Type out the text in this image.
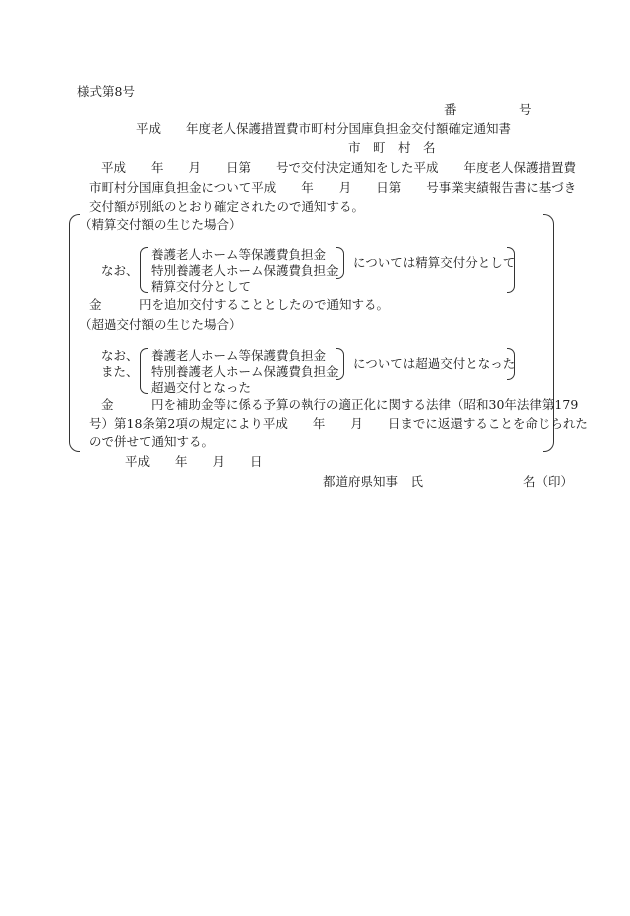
様式第8号
番　　　　　号
平成　　年度老人保護措置費市町村分国庫負担金交付額確定通知書
市　町　村　名
平成　　年　　月　　日第　　号で交付決定通知をした平成　　年度老人保護措置費
市町村分国庫負担金について平成　　年　　月　　日第　　号事業実績報告書に基づき
交付額が別紙のとおり確定されたので通知する。
（精算交付額の生じた場合）
なお、
養護老人ホーム等保護費負担金
特別養護老人ホーム保護費負担金
精算交付分として
については精算交付分として
金　　　円を追加交付することとしたので通知する。
（超過交付額の生じた場合）
なお、
また、
養護老人ホーム等保護費負担金
特別養護老人ホーム保護費負担金
超過交付となった
については超過交付となった
金　　　円を補助金等に係る予算の執行の適正化に関する法律（昭和30年法律第179
号）第18条第2項の規定により平成　　年　　月　　日までに返還することを命じられた
ので併せて通知する。
平成　　年　　月　　日
都道府県知事　氏　　　　　　　　名（印）
